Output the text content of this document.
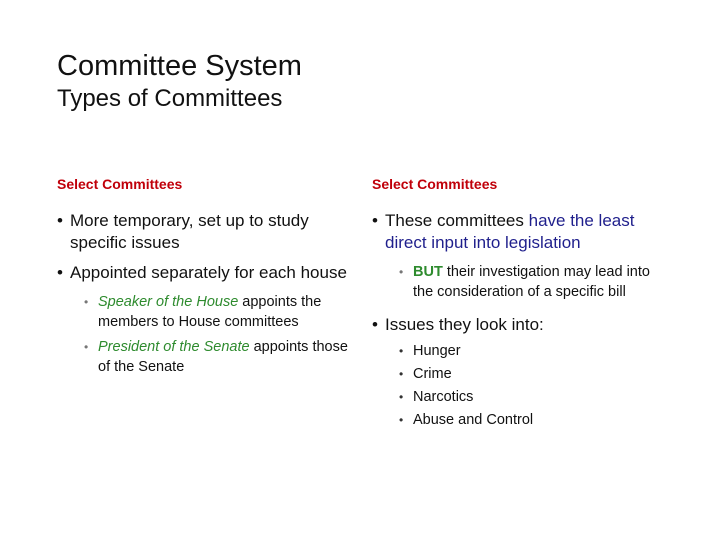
Committee System
Types of Committees
Select Committees
• More temporary, set up to study specific issues
• Appointed separately for each house
• Speaker of the House appoints the members to House committees
• President of the Senate appoints those of the Senate
Select Committees
• These committees have the least direct input into legislation
• BUT their investigation may lead into the consideration of a specific bill
• Issues they look into:
• Hunger
• Crime
• Narcotics
• Abuse and Control
